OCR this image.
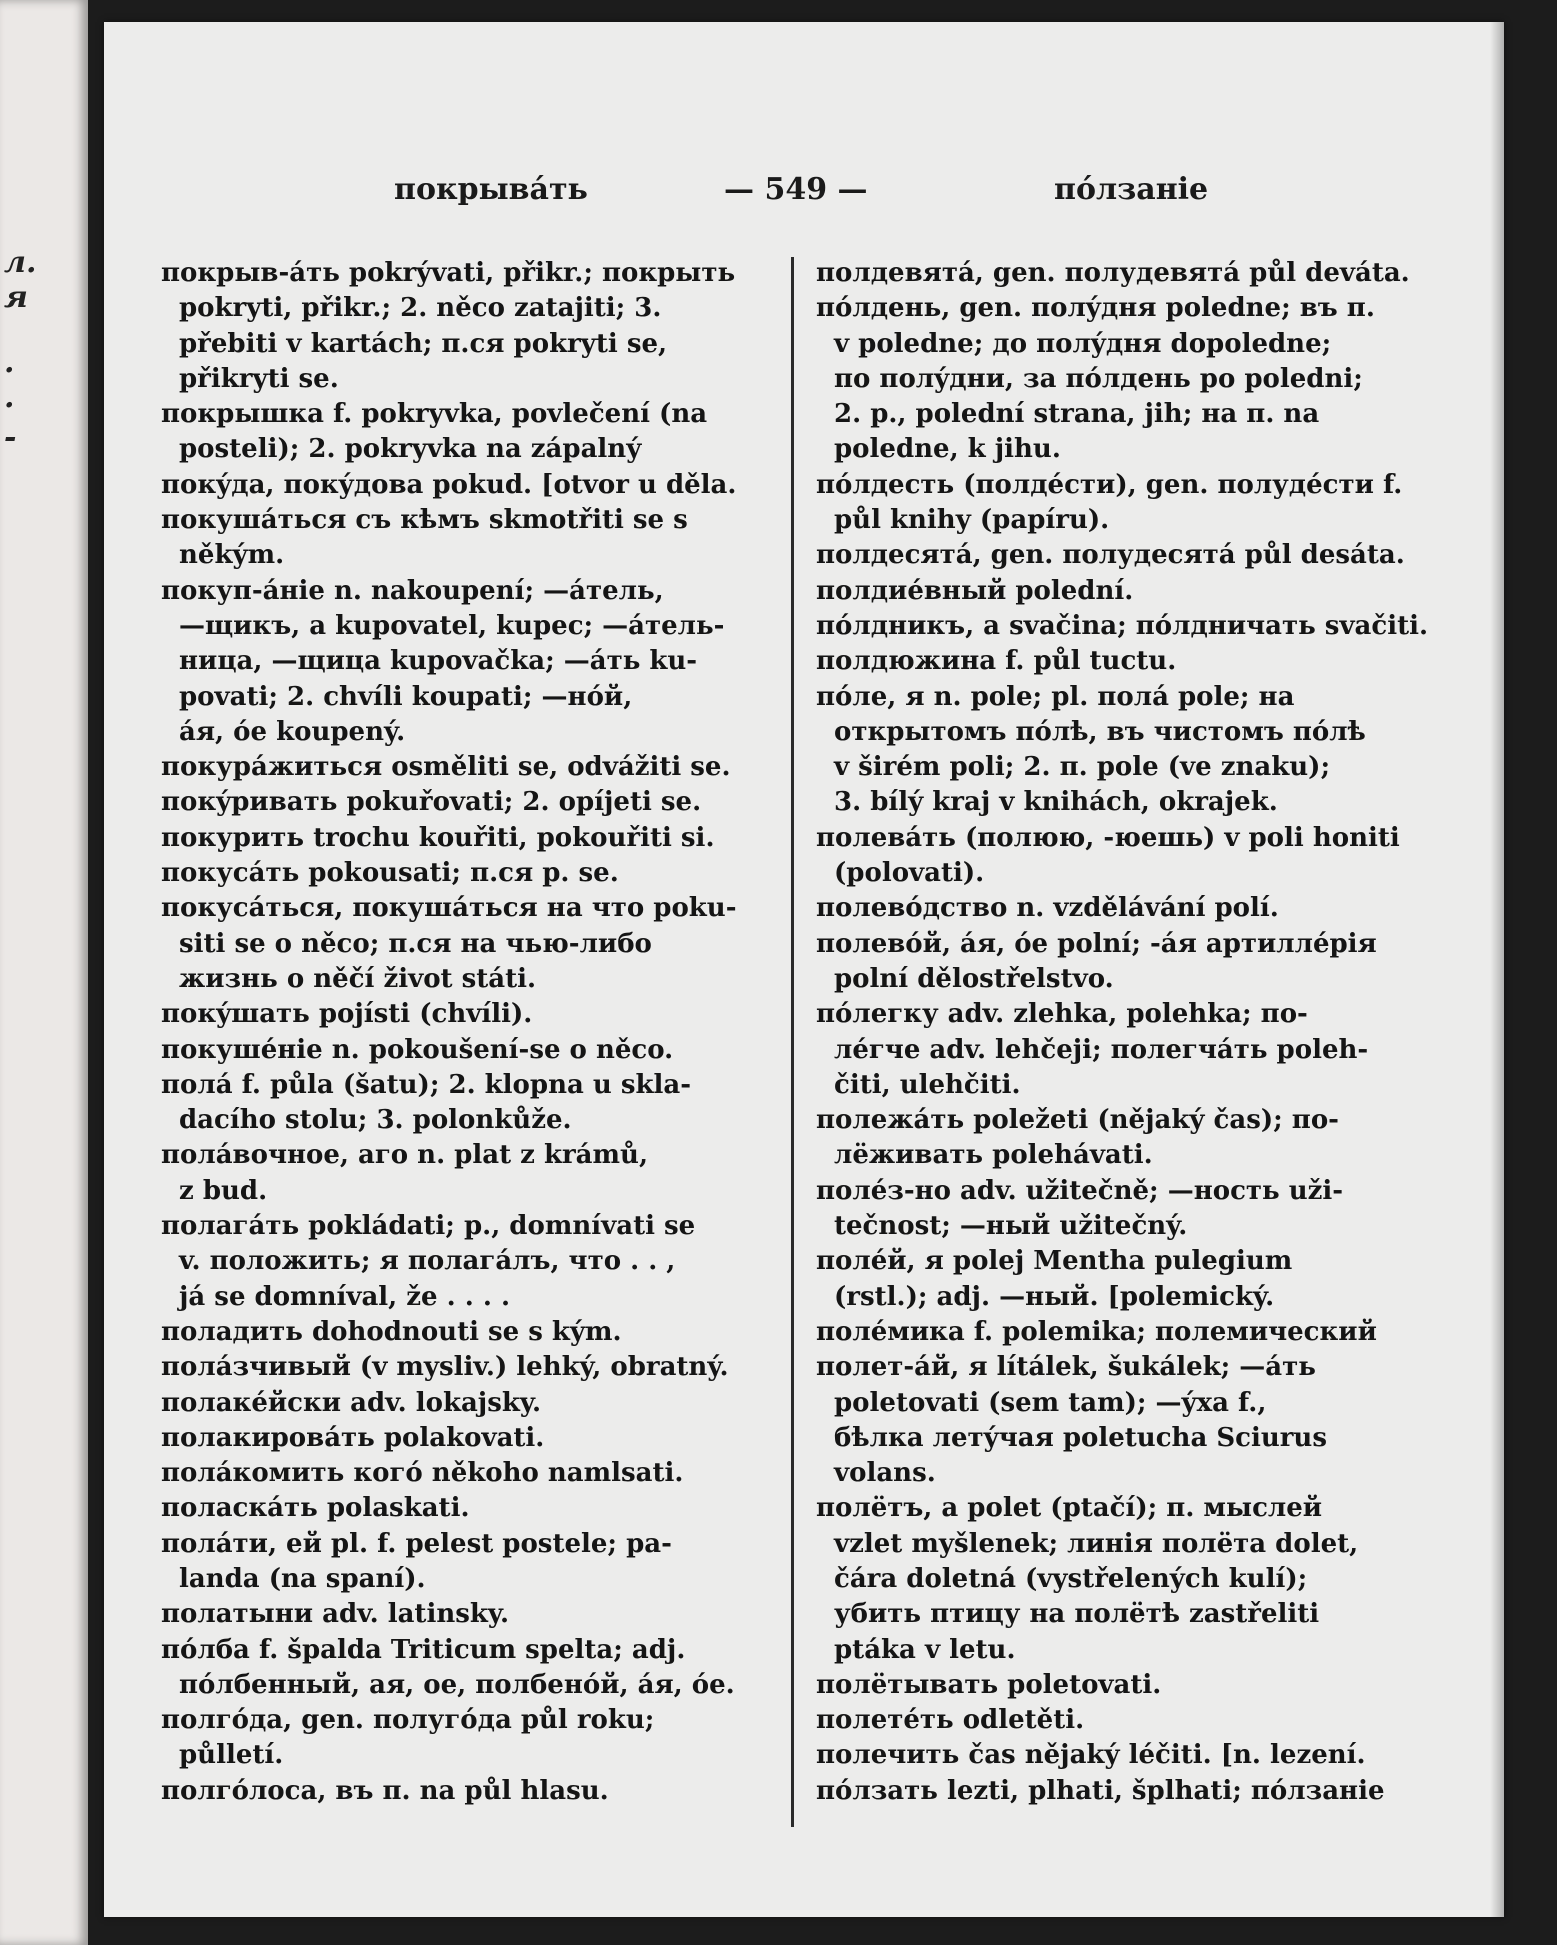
л.
я
.
.
-
покрывáть	— 549 —	пóлзанiе
покрыв-áть pokrývati, přikr.; покрыть
pokryti, přikr.; 2. něco zatajiti; 3.
přebiti v kartách; п.ся pokryti se,
přikryti se.
покрышка f. pokryvka, povlečení (na
posteli); 2. pokryvka na zápalný
покýда, покýдова pokud. [otvor u děla.
покушáться съ кѣмъ skmotřiti se s
někým.
покуп-áнiе n. nakoupení; —áтель,
—щикъ, a kupovatel, kupec; —áтель-
ница, —щица kupovačka; —áть ku-
povati; 2. chvíli koupati; —нóй,
áя, óе koupený.
покурáжиться osměliti se, odvážiti se.
покýривать pokuřovati; 2. opíjeti se.
покурить trochu kouřiti, pokouřiti si.
покусáть pokousati; п.ся p. se.
покусáться, покушáться на что poku-
siti se o něco; п.ся на чью-либо
жизнь o něčí život státi.
покýшать pojísti (chvíli).
покушéнiе n. pokoušení-se o něco.
полá f. půla (šatu); 2. klopna u skla-
dacího stolu; 3. polonkůže.
полáвочное, аго n. plat z krámů,
z bud.
полагáть pokládati; p., domnívati se
v. положить; я полагáлъ, что . . ,
já se domníval, že . . . .
поладить dohodnouti se s kým.
полáзчивый (v mysliv.) lehký, obratný.
полакéйски adv. lokajsky.
полакировáть polakovati.
полáкомить когó někoho namlsati.
поласкáть polaskati.
полáти, ей pl. f. pelest postele; pa-
landa (na spaní).
полатыни adv. latinsky.
пóлба f. špalda Triticum spelta; adj.
пóлбенный, ая, ое, полбенóй, áя, óе.
полгóда, gen. полугóда půl roku;
půlletí.
полгóлоса, въ п. na půl hlasu.
полдевятá, gen. полудевятá půl deváta.
пóлдень, gen. полýдня poledne; въ п.
v poledne; до полýдня dopoledne;
по полýдни, за пóлдень po poledni;
2. p., polední strana, jih; на п. na
poledne, k jihu.
пóлдесть (полдéсти), gen. полудéсти f.
půl knihy (papíru).
полдесятá, gen. полудесятá půl desáta.
полдиéвный polední.
пóлдникъ, a svačina; пóлдничать svačiti.
полдюжина f. půl tuctu.
пóле, я n. pole; pl. полá pole; на
открытомъ пóлѣ, въ чистомъ пóлѣ
v širém poli; 2. п. pole (ve znaku);
3. bílý kraj v knihách, okrajek.
полевáть (полюю, -юешь) v poli honiti
(polovati).
полевóдство n. vzdělávání polí.
полевóй, áя, óе polní; -áя артиллéрiя
polní dělostřelstvo.
пóлегку adv. zlehka, polehka; по-
лéгче adv. lehčeji; полегчáть poleh-
čiti, ulehčiti.
полежáть poležeti (nějaký čas); по-
лёживать polehávati.
полéз-но adv. užitečně; —ность uži-
tečnost; —ный užitečný.
полéй, я polej Mentha pulegium
(rstl.); adj. —ный. [polemický.
полéмика f. polemika; полемический
полет-áй, я lítálek, šukálek; —áть
poletovati (sem tam); —ýха f.,
бѣлка летýчая poletucha Sciurus
volans.
полëтъ, a polet (ptačí); п. мыслей
vzlet myšlenek; линiя полëта dolet,
čára doletná (vystřelených kulí);
убить птицу на полëтѣ zastřeliti
ptáka v letu.
полëтывать poletovati.
полетéть odletěti.
полечить čas nějaký léčiti. [n. lezení.
пóлзать lezti, plhati, šplhati; пóлзанiе
